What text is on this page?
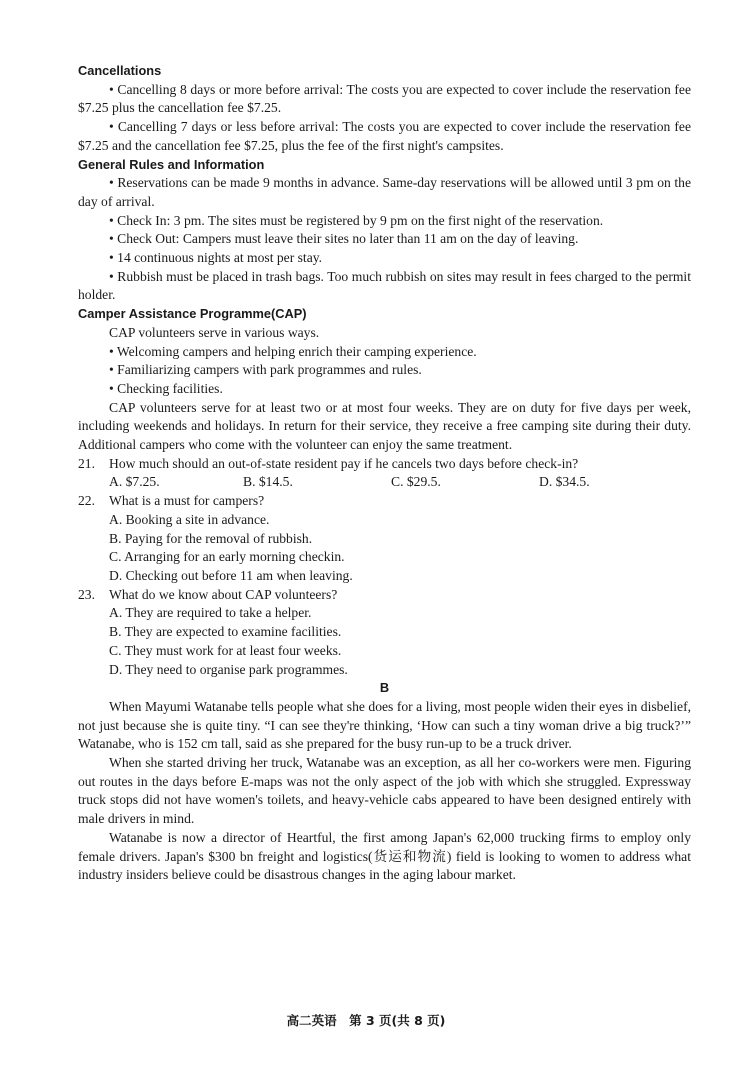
Cancellations

• Cancelling 8 days or more before arrival: The costs you are expected to cover include the reservation fee $7.25 plus the cancellation fee $7.25.

• Cancelling 7 days or less before arrival: The costs you are expected to cover include the reservation fee $7.25 and the cancellation fee $7.25, plus the fee of the first night's campsites.

General Rules and Information

• Reservations can be made 9 months in advance. Same-day reservations will be allowed until 3 pm on the day of arrival.

• Check In: 3 pm. The sites must be registered by 9 pm on the first night of the reservation.

• Check Out: Campers must leave their sites no later than 11 am on the day of leaving.

• 14 continuous nights at most per stay.

• Rubbish must be placed in trash bags. Too much rubbish on sites may result in fees charged to the permit holder.

Camper Assistance Programme(CAP)

CAP volunteers serve in various ways.

• Welcoming campers and helping enrich their camping experience.

• Familiarizing campers with park programmes and rules.

• Checking facilities.

CAP volunteers serve for at least two or at most four weeks. They are on duty for five days per week, including weekends and holidays. In return for their service, they receive a free camping site during their duty. Additional campers who come with the volunteer can enjoy the same treatment.

21. How much should an out-of-state resident pay if he cancels two days before check-in?

A. $7.25.	B. $14.5.	C. $29.5.	D. $34.5.

22. What is a must for campers?

A. Booking a site in advance.

B. Paying for the removal of rubbish.

C. Arranging for an early morning checkin.

D. Checking out before 11 am when leaving.

23. What do we know about CAP volunteers?

A. They are required to take a helper.

B. They are expected to examine facilities.

C. They must work for at least four weeks.

D. They need to organise park programmes.

B

When Mayumi Watanabe tells people what she does for a living, most people widen their eyes in disbelief, not just because she is quite tiny. “I can see they're thinking, ‘How can such a tiny woman drive a big truck?’” Watanabe, who is 152 cm tall, said as she prepared for the busy run-up to be a truck driver.

When she started driving her truck, Watanabe was an exception, as all her co-workers were men. Figuring out routes in the days before E-maps was not the only aspect of the job with which she struggled. Expressway truck stops did not have women's toilets, and heavy-vehicle cabs appeared to have been designed entirely with male drivers in mind.

Watanabe is now a director of Heartful, the first among Japan's 62,000 trucking firms to employ only female drivers. Japan's $300 bn freight and logistics(货运和物流) field is looking to women to address what industry insiders believe could be disastrous changes in the aging labour market.

高二英语　第 3 页(共 8 页)
